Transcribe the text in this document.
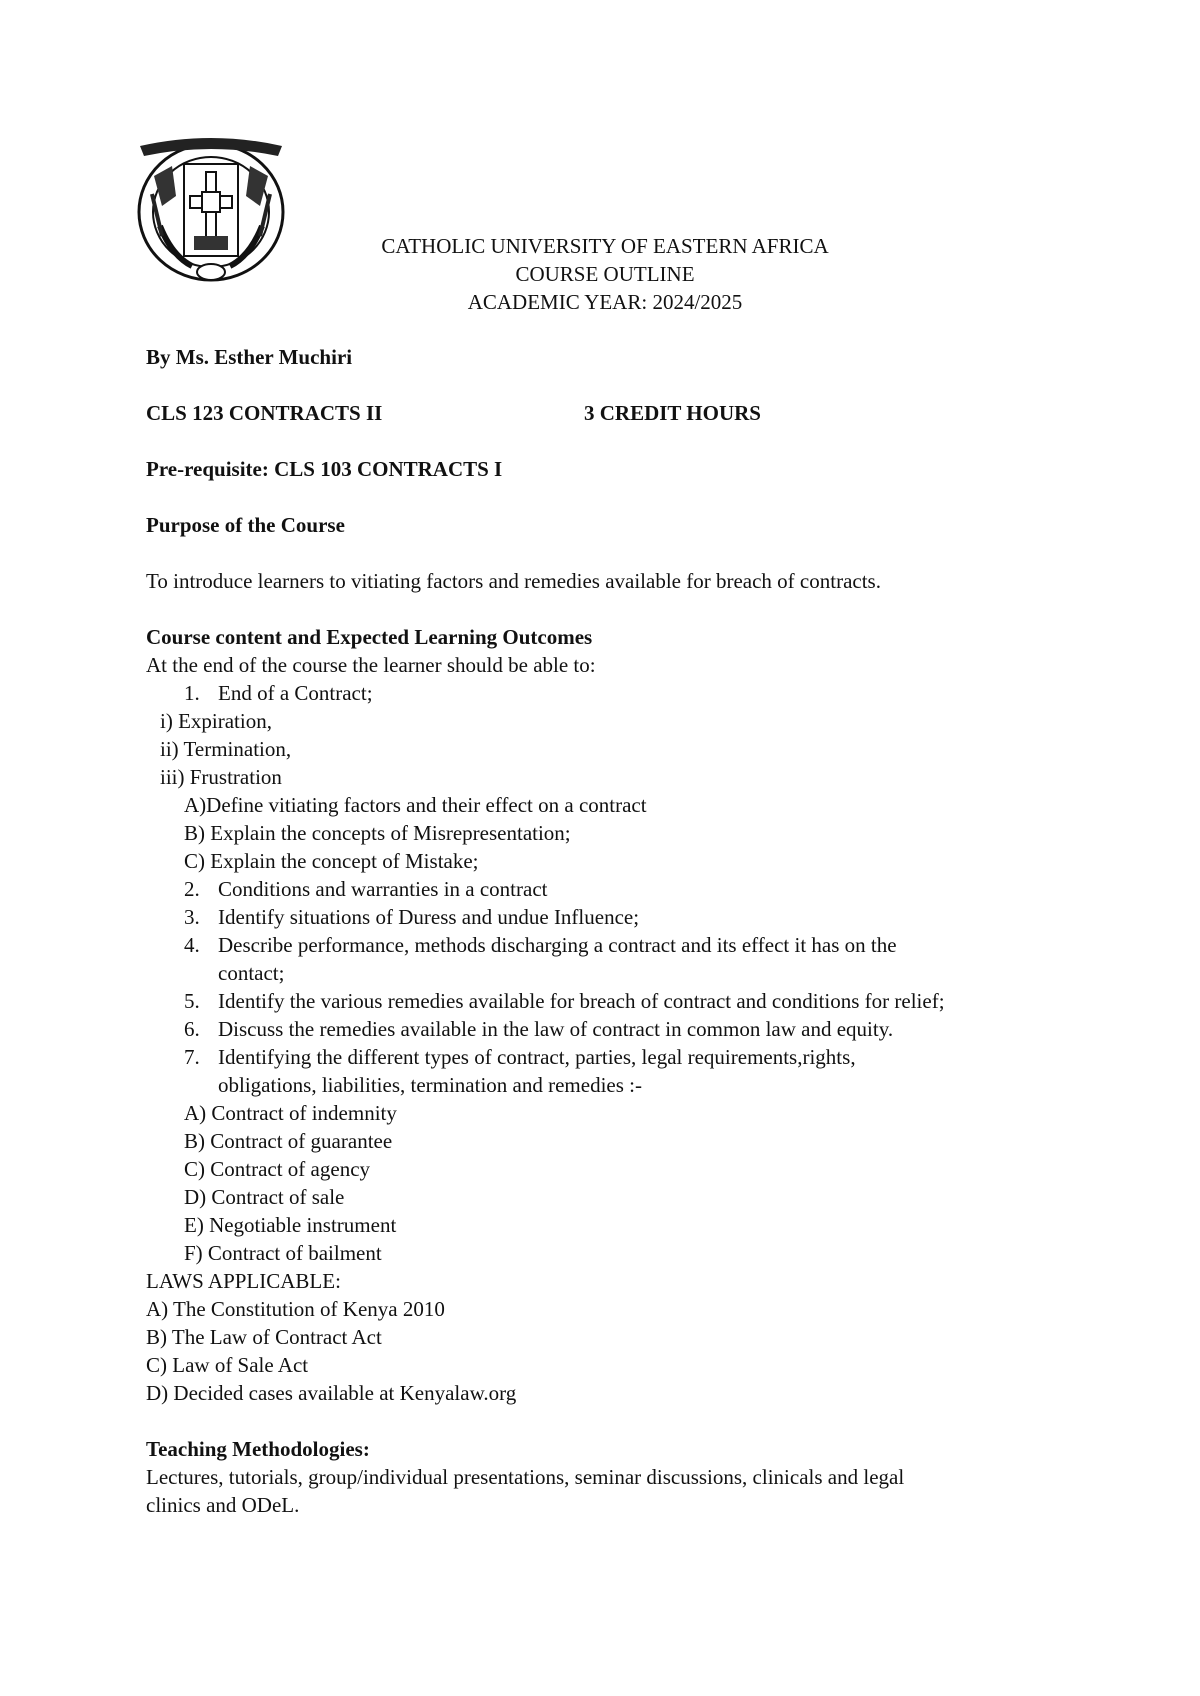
CATHOLIC UNIVERSITY OF EASTERN AFRICA
COURSE OUTLINE
ACADEMIC YEAR: 2024/2025
By Ms. Esther Muchiri
CLS 123 CONTRACTS II	3 CREDIT HOURS
Pre-requisite: CLS 103 CONTRACTS I
Purpose of the Course
To introduce learners to vitiating factors and remedies available for breach of contracts.
Course content and Expected Learning Outcomes
At the end of the course the learner should be able to:
1. End of a Contract;
i) Expiration,
ii) Termination,
iii) Frustration
A)Define vitiating factors and their effect on a contract
B) Explain the concepts of Misrepresentation;
C) Explain the concept of Mistake;
2. Conditions and warranties in a contract
3. Identify situations of Duress and undue Influence;
4. Describe performance, methods discharging a contract and its effect it has on the
contact;
5. Identify the various remedies available for breach of contract and conditions for relief;
6. Discuss the remedies available in the law of contract in common law and equity.
7. Identifying the different types of contract, parties, legal requirements,rights,
obligations, liabilities, termination and remedies :-
A) Contract of indemnity
B) Contract of guarantee
C) Contract of agency
D) Contract of sale
E) Negotiable instrument
F) Contract of bailment
LAWS APPLICABLE:
A) The Constitution of Kenya 2010
B) The Law of Contract Act
C) Law of Sale Act
D) Decided cases available at Kenyalaw.org
Teaching Methodologies:
Lectures, tutorials, group/individual presentations, seminar discussions, clinicals and legal
clinics and ODeL.
